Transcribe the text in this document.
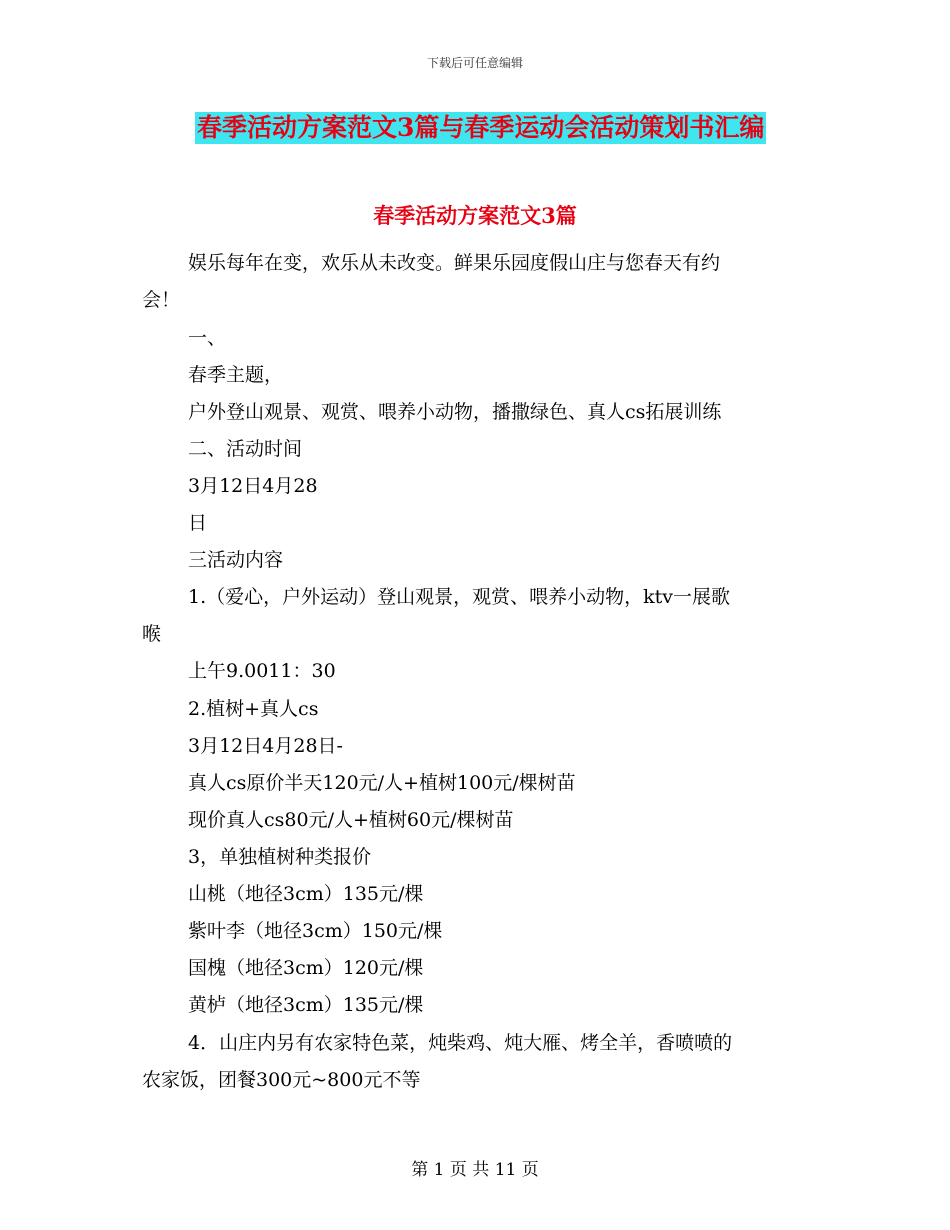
下载后可任意编辑
春季活动方案范文3篇与春季运动会活动策划书汇编
春季活动方案范文3篇
娱乐每年在变，欢乐从未改变。鲜果乐园度假山庄与您春天有约
会！
一、
春季主题，
户外登山观景、观赏、喂养小动物，播撒绿色、真人cs拓展训练
二、活动时间
3月12日4月28
日
三活动内容
1.（爱心，户外运动）登山观景，观赏、喂养小动物，ktv一展歌
喉
上午9.0011：30
2.植树+真人cs
3月12日4月28日-
真人cs原价半天120元/人+植树100元/棵树苗
现价真人cs80元/人+植树60元/棵树苗
3，单独植树种类报价
山桃（地径3cm）135元/棵
紫叶李（地径3cm）150元/棵
国槐（地径3cm）120元/棵
黄栌（地径3cm）135元/棵
4．山庄内另有农家特色菜，炖柴鸡、炖大雁、烤全羊，香喷喷的
农家饭，团餐300元~800元不等
第 1 页 共 11 页
